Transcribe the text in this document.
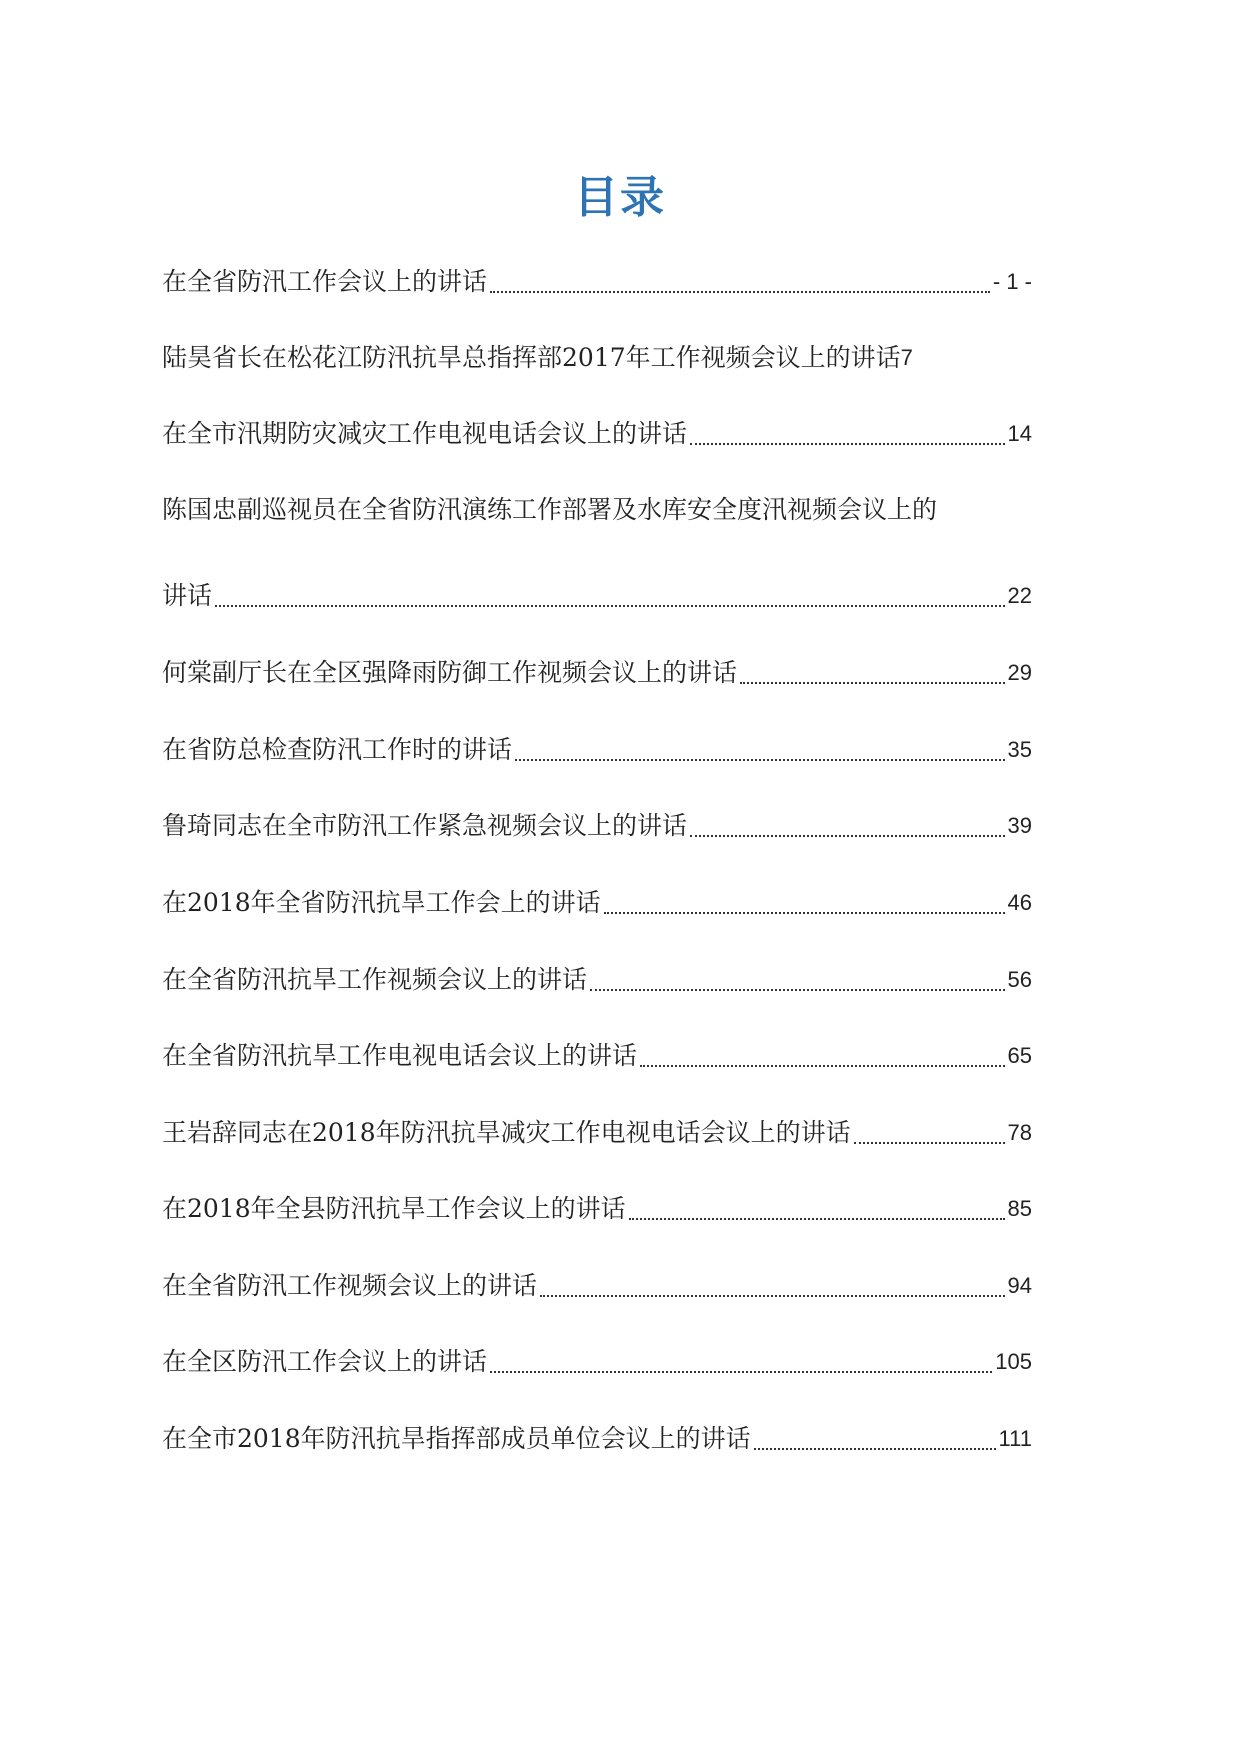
目录
在全省防汛工作会议上的讲话	- 1 -
陆昊省长在松花江防汛抗旱总指挥部2017年工作视频会议上的讲话 7
在全市汛期防灾减灾工作电视电话会议上的讲话	14
陈国忠副巡视员在全省防汛演练工作部署及水库安全度汛视频会议上的
讲话	22
何棠副厅长在全区强降雨防御工作视频会议上的讲话	29
在省防总检查防汛工作时的讲话	35
鲁琦同志在全市防汛工作紧急视频会议上的讲话	39
在2018年全省防汛抗旱工作会上的讲话	46
在全省防汛抗旱工作视频会议上的讲话	56
在全省防汛抗旱工作电视电话会议上的讲话	65
王岩辞同志在2018年防汛抗旱减灾工作电视电话会议上的讲话	78
在2018年全县防汛抗旱工作会议上的讲话	85
在全省防汛工作视频会议上的讲话	94
在全区防汛工作会议上的讲话	105
在全市2018年防汛抗旱指挥部成员单位会议上的讲话	111
